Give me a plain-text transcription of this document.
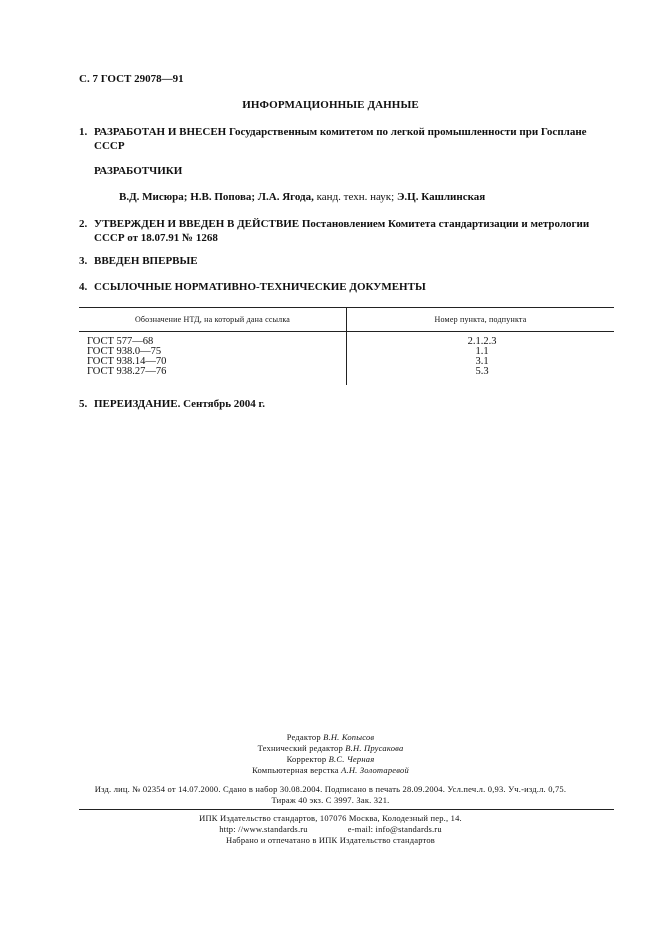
С. 7 ГОСТ 29078—91
ИНФОРМАЦИОННЫЕ ДАННЫЕ
1. РАЗРАБОТАН И ВНЕСЕН Государственным комитетом по легкой промышленности при Госплане
СССР
РАЗРАБОТЧИКИ
В.Д. Мисюра; Н.В. Попова; Л.А. Ягода, канд. техн. наук; Э.Ц. Кашлинская
2. УТВЕРЖДЕН И ВВЕДЕН В ДЕЙСТВИЕ Постановлением Комитета стандартизации и метрологии
СССР от 18.07.91 № 1268
3. ВВЕДЕН ВПЕРВЫЕ
4. ССЫЛОЧНЫЕ НОРМАТИВНО-ТЕХНИЧЕСКИЕ ДОКУМЕНТЫ
Обозначение НТД, на который дана ссылка	Номер пункта, подпункта
ГОСТ 577—68	2.1.2.3
ГОСТ 938.0—75	1.1
ГОСТ 938.14—70	3.1
ГОСТ 938.27—76	5.3
5. ПЕРЕИЗДАНИЕ. Сентябрь 2004 г.
Редактор В.Н. Копысов
Технический редактор В.Н. Прусакова
Корректор В.С. Черная
Компьютерная верстка А.Н. Золотаревой
Изд. лиц. № 02354 от 14.07.2000. Сдано в набор 30.08.2004. Подписано в печать 28.09.2004. Усл.печ.л. 0,93. Уч.-изд.л. 0,75.
Тираж 40 экз. С 3997. Зак. 321.
ИПК Издательство стандартов, 107076 Москва, Колодезный пер., 14.
http: //www.standards.ru	e-mail: info@standards.ru
Набрано и отпечатано в ИПК Издательство стандартов
